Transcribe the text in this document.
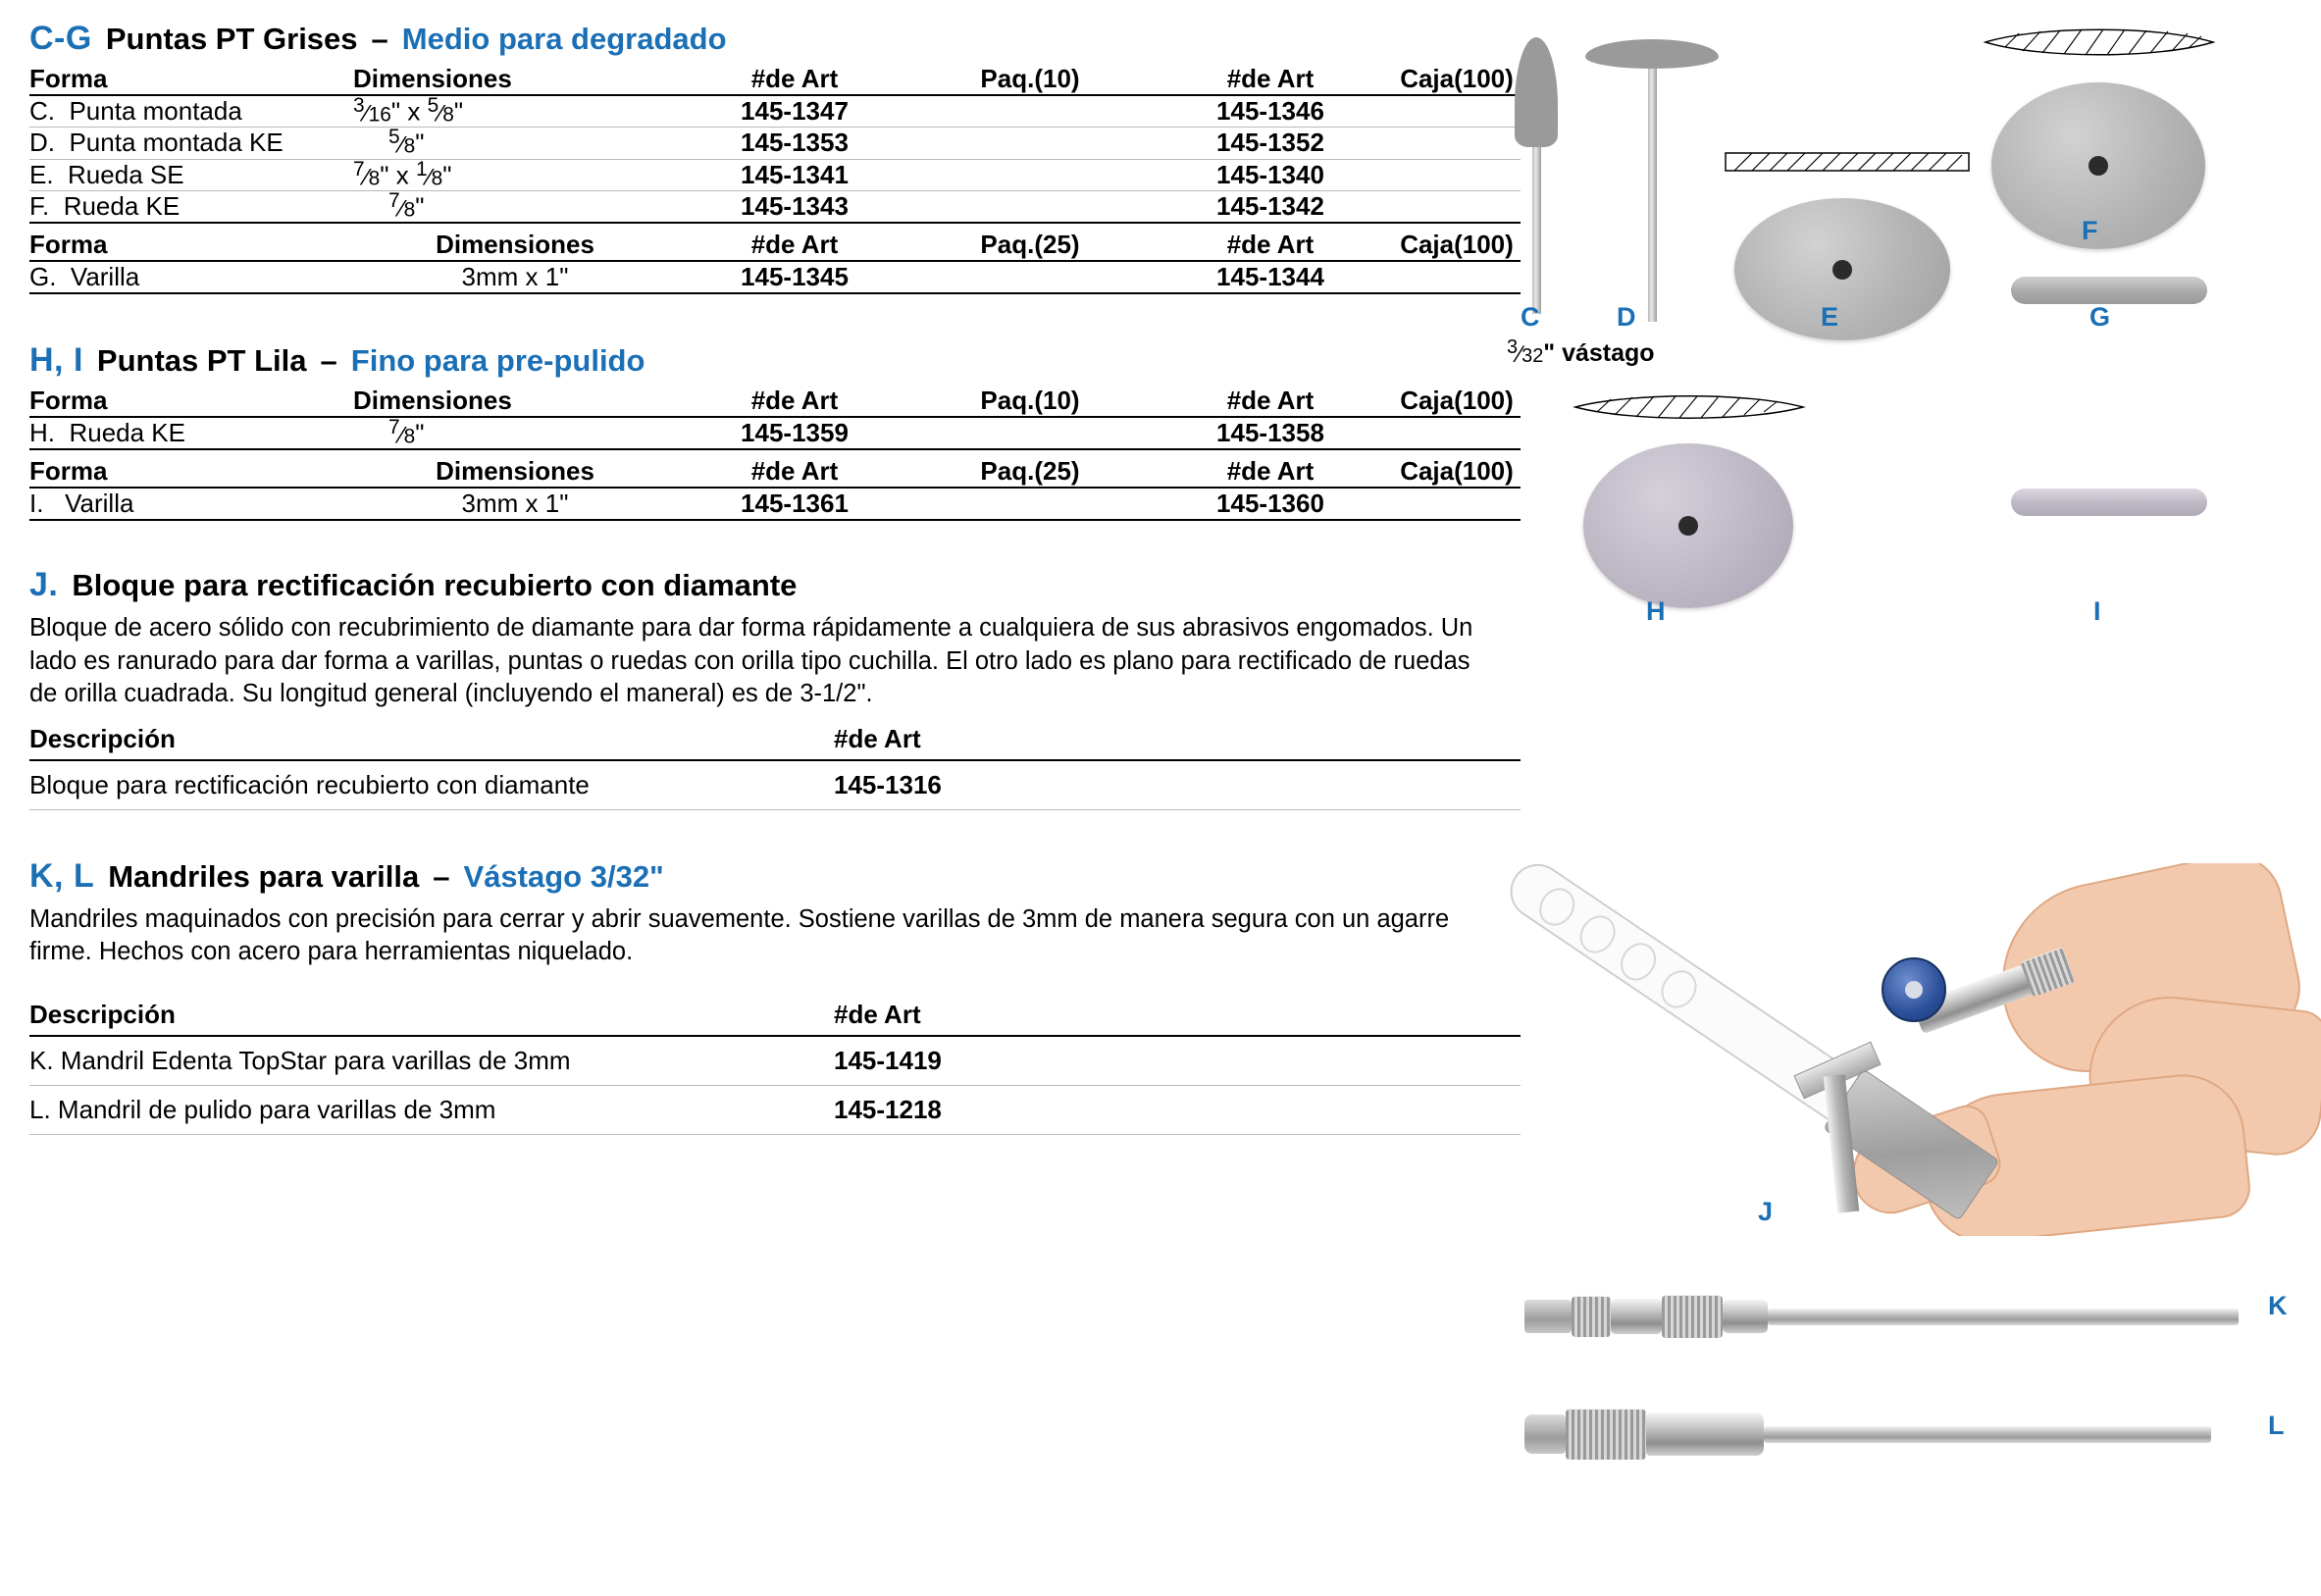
C-G Puntas PT Grises – Medio para degradado
Forma	Dimensiones	#de Art	Paq.(10)	#de Art	Caja(100)
C. Punta montada	$^3$⁄16" x $^5$⁄8"	145-1347		145-1346	
D. Punta montada KE	$^5$⁄8"	145-1353		145-1352	
E. Rueda SE	$^7$⁄8" x $^1$⁄8"	145-1341		145-1340	
F. Rueda KE	$^7$⁄8"	145-1343		145-1342	
Forma	Dimensiones	#de Art	Paq.(25)	#de Art	Caja(100)
G. Varilla	3mm x 1"	145-1345		145-1344	
H, I Puntas PT Lila – Fino para pre-pulido
Forma	Dimensiones	#de Art	Paq.(10)	#de Art	Caja(100)
H. Rueda KE	$^7$⁄8"	145-1359		145-1358	
Forma	Dimensiones	#de Art	Paq.(25)	#de Art	Caja(100)
I. Varilla	3mm x 1"	145-1361		145-1360	
J. Bloque para rectificación recubierto con diamante
Bloque de acero sólido con recubrimiento de diamante para dar forma rápidamente a cualquiera de sus abrasivos engomados. Un lado es ranurado para dar forma a varillas, puntas o ruedas con orilla tipo cuchilla. El otro lado es plano para rectificado de ruedas de orilla cuadrada. Su longitud general (incluyendo el maneral) es de 3-1/2".
Descripción	#de Art
Bloque para rectificación recubierto con diamante	145-1316
K, L Mandriles para varilla – Vástago 3/32"
Mandriles maquinados con precisión para cerrar y abrir suavemente. Sostiene varillas de 3mm de manera segura con un agarre firme. Hechos con acero para herramientas niquelado.
Descripción	#de Art
K. Mandril Edenta TopStar para varillas de 3mm	145-1419
L. Mandril de pulido para varillas de 3mm	145-1218
C	D	E
F
G
$^3$⁄32" vástago
H	I

J
K
L
